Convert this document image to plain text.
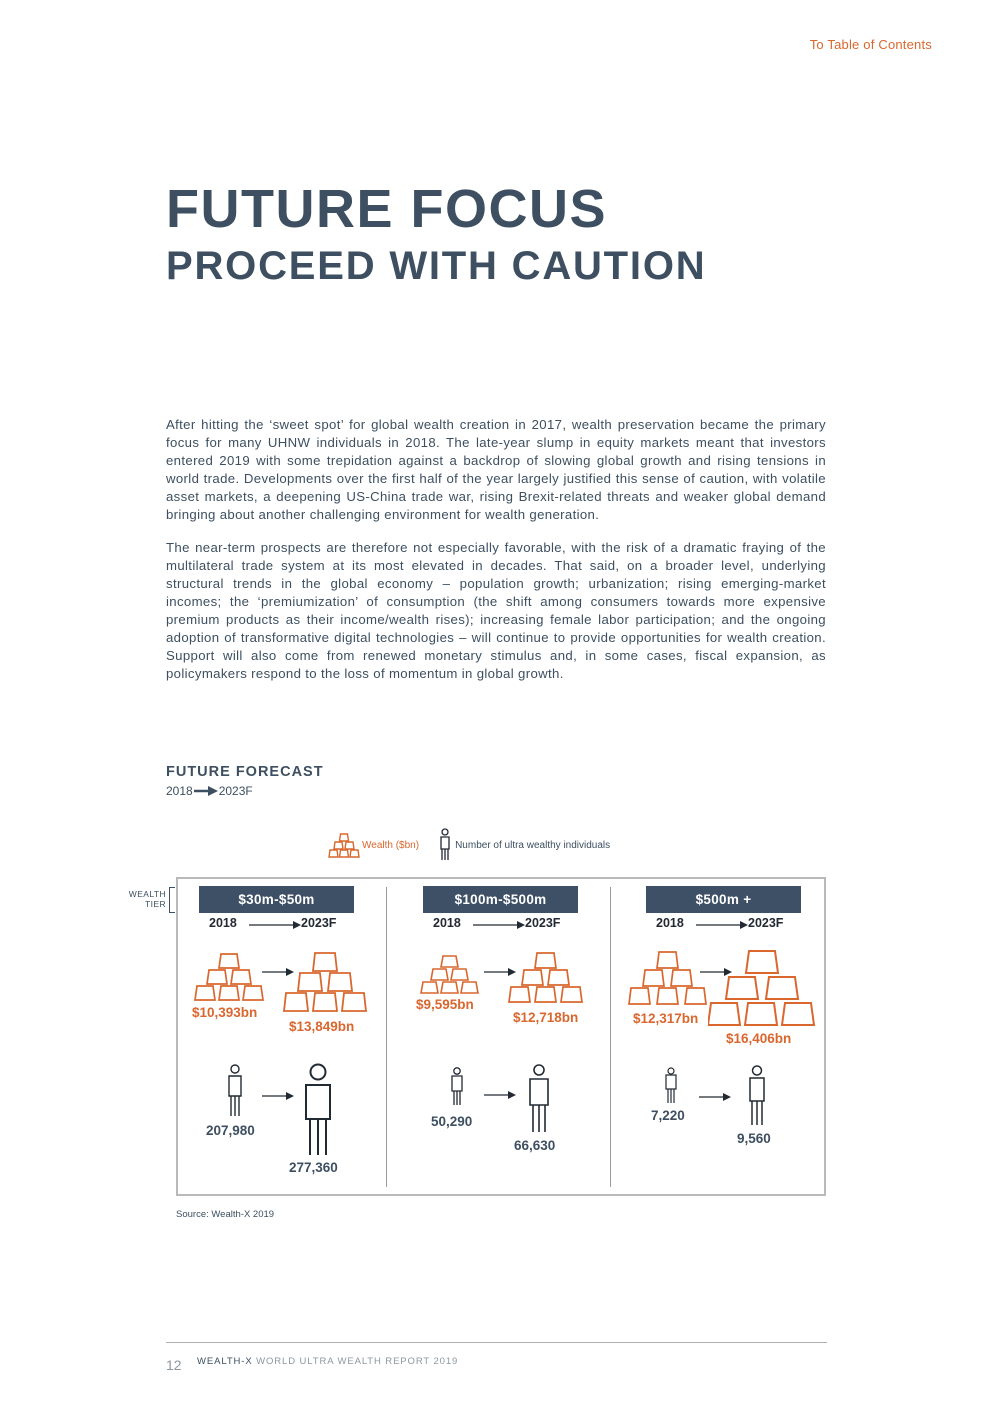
To Table of Contents
FUTURE FOCUS
PROCEED WITH CAUTION

After hitting the ‘sweet spot’ for global wealth creation in 2017, wealth preservation became the primary focus for many UHNW individuals in 2018. The late-year slump in equity markets meant that investors entered 2019 with some trepidation against a backdrop of slowing global growth and rising tensions in world trade. Developments over the first half of the year largely justified this sense of caution, with volatile asset markets, a deepening US-China trade war, rising Brexit-related threats and weaker global demand bringing about another challenging environment for wealth generation.

The near-term prospects are therefore not especially favorable, with the risk of a dramatic fraying of the multilateral trade system at its most elevated in decades. That said, on a broader level, underlying structural trends in the global economy – population growth; urbanization; rising emerging-market incomes; the ‘premiumization’ of consumption (the shift among consumers towards more expensive premium products as their income/wealth rises); increasing female labor participation; and the ongoing adoption of transformative digital technologies – will continue to provide opportunities for wealth creation. Support will also come from renewed monetary stimulus and, in some cases, fiscal expansion, as policymakers respond to the loss of momentum in global growth.

FUTURE FORECAST
2018 2023F
Wealth ($bn)	Number of ultra wealthy individuals
WEALTH
TIER	$30m-$50m
2018	2023F
$10,393bn
$13,849bn
207,980
277,360
$100m-$500m
2018	2023F
$9,595bn
$12,718bn
50,290
66,630
$500m +
2018	2023F
$12,317bn
$16,406bn
7,220
9,560
Source: Wealth-X 2019
12 WEALTH-X WORLD ULTRA WEALTH REPORT 2019
